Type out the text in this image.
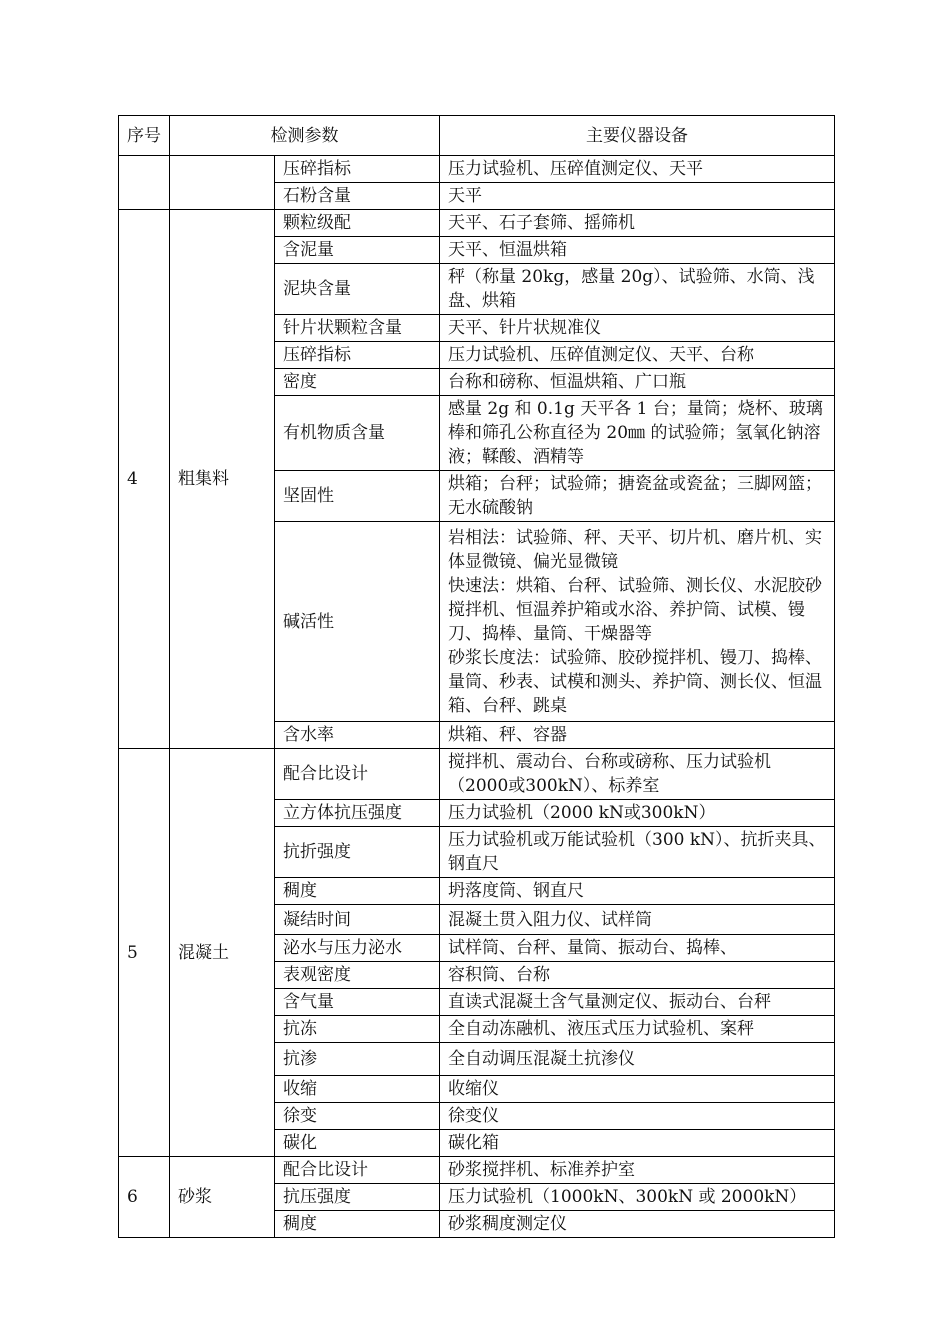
序号	检测参数		主要仪器设备
		压碎指标	压力试验机、压碎值测定仪、天平
		石粉含量	天平
4	粗集料	颗粒级配	天平、石子套筛、摇筛机
		含泥量	天平、恒温烘箱
		泥块含量	秤（称量 20kg，感量 20g）、试验筛、水筒、浅盘、烘箱
		针片状颗粒含量	天平、针片状规准仪
		压碎指标	压力试验机、压碎值测定仪、天平、台称
		密度	台称和磅称、恒温烘箱、广口瓶
		有机物质含量	感量 2g 和 0.1g 天平各 1 台；量筒；烧杯、玻璃棒和筛孔公称直径为 20㎜ 的试验筛；氢氧化钠溶液；鞣酸、酒精等
		坚固性	烘箱；台秤；试验筛；搪瓷盆或瓷盆；三脚网篮；无水硫酸钠
		碱活性	岩相法：试验筛、秤、天平、切片机、磨片机、实体显微镜、偏光显微镜
快速法：烘箱、台秤、试验筛、测长仪、水泥胶砂搅拌机、恒温养护箱或水浴、养护筒、试模、镘刀、捣棒、量筒、干燥器等
砂浆长度法：试验筛、胶砂搅拌机、镘刀、捣棒、量筒、秒表、试模和测头、养护筒、测长仪、恒温箱、台秤、跳桌
		含水率	烘箱、秤、容器
5	混凝土	配合比设计	搅拌机、震动台、台称或磅称、压力试验机（2000或300kN）、标养室
		立方体抗压强度	压力试验机（2000 kN或300kN）
		抗折强度	压力试验机或万能试验机（300 kN）、抗折夹具、钢直尺
		稠度	坍落度筒、钢直尺
		凝结时间	混凝土贯入阻力仪、试样筒
		泌水与压力泌水	试样筒、台秤、量筒、振动台、捣棒、
		表观密度	容积筒、台称
		含气量	直读式混凝土含气量测定仪、振动台、台秤
		抗冻	全自动冻融机、液压式压力试验机、案秤
		抗渗	全自动调压混凝土抗渗仪
		收缩	收缩仪
		徐变	徐变仪
		碳化	碳化箱
6	砂浆	配合比设计	砂浆搅拌机、标准养护室
		抗压强度	压力试验机（1000kN、300kN 或 2000kN）
		稠度	砂浆稠度测定仪
